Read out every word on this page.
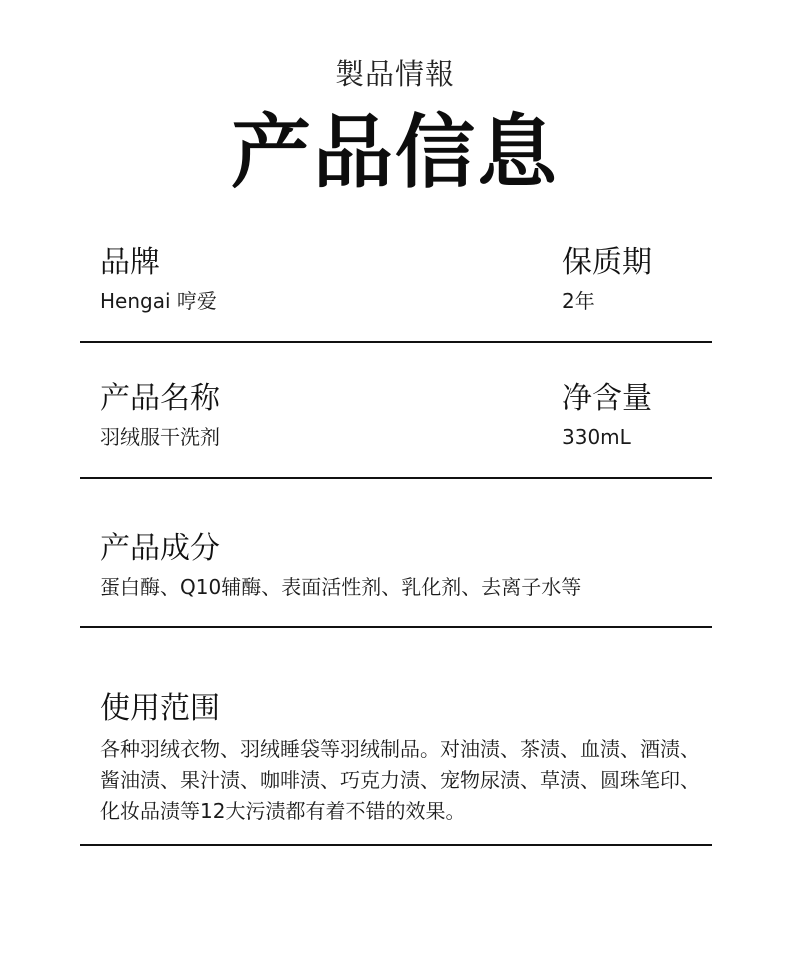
製品情報
产品信息
品牌
Hengai 哼爱
保质期
2年
产品名称
羽绒服干洗剂
净含量
330mL
产品成分
蛋白酶、Q10辅酶、表面活性剂、乳化剂、去离子水等
使用范围
各种羽绒衣物、羽绒睡袋等羽绒制品。对油渍、茶渍、血渍、酒渍、酱油渍、果汁渍、咖啡渍、巧克力渍、宠物尿渍、草渍、圆珠笔印、化妆品渍等12大污渍都有着不错的效果。
